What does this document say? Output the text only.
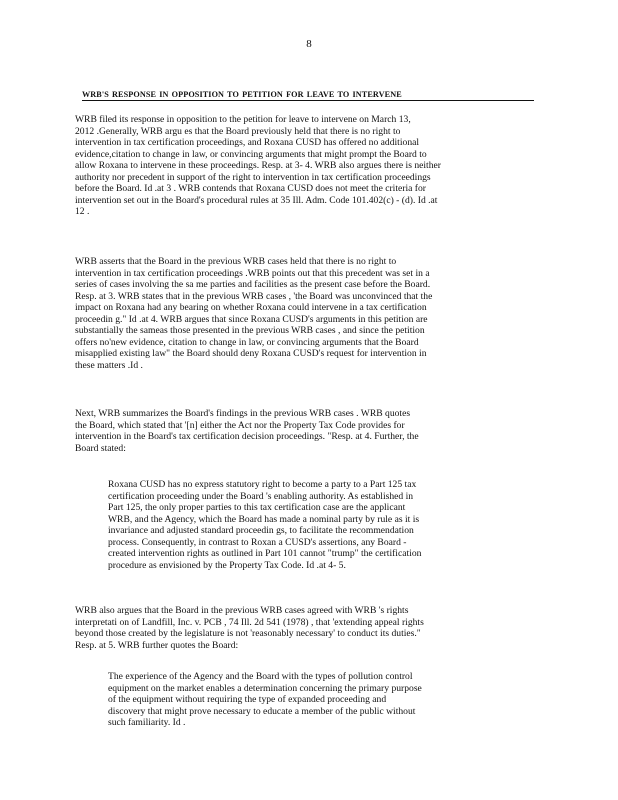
8
WRB'S RESPONSE IN OPPOSITION TO PETITION FOR LEAVE TO INTERVENE
WRB filed its response in opposition to the petition for leave to intervene on March 13,
2012 .Generally, WRB argu es that the Board previously held that there is no right to
intervention in tax certification proceedings, and Roxana CUSD has offered no additional
evidence,citation to change in law, or convincing arguments that might prompt the Board to
allow Roxana to intervene in these proceedings. Resp. at 3- 4. WRB also argues there is neither
authority nor precedent in support of the right to intervention in tax certification proceedings
before the Board. Id .at 3 . WRB contends that Roxana CUSD does not meet the criteria for
intervention set out in the Board's procedural rules at 35 Ill. Adm. Code 101.402(c) - (d). Id .at
12 .
WRB asserts that the Board in the previous WRB cases held that there is no right to
intervention in tax certification proceedings .WRB points out that this precedent was set in a
series of cases involving the sa me parties and facilities as the present case before the Board.
Resp. at 3. WRB states that in the previous WRB cases , 'the Board was unconvinced that the
impact on Roxana had any bearing on whether Roxana could intervene in a tax certification
proceedin g." Id .at 4. WRB argues that since Roxana CUSD's arguments in this petition are
substantially the sameas those presented in the previous WRB cases , and since the petition
offers no'new evidence, citation to change in law, or convincing arguments that the Board
misapplied existing law" the Board should deny Roxana CUSD's request for intervention in
these matters .Id .
Next, WRB summarizes the Board's findings in the previous WRB cases . WRB quotes
the Board, which stated that '[n] either the Act nor the Property Tax Code provides for
intervention in the Board's tax certification decision proceedings. "Resp. at 4. Further, the
Board stated:
Roxana CUSD has no express statutory right to become a party to a Part 125 tax
certification proceeding under the Board 's enabling authority. As established in
Part 125, the only proper parties to this tax certification case are the applicant
WRB, and the Agency, which the Board has made a nominal party by rule as it is
invariance and adjusted standard proceedin gs, to facilitate the recommendation
process. Consequently, in contrast to Roxan a CUSD's assertions, any Board -
created intervention rights as outlined in Part 101 cannot "trump" the certification
procedure as envisioned by the Property Tax Code. Id .at 4- 5.
WRB also argues that the Board in the previous WRB cases agreed with WRB 's rights
interpretati on of Landfill, Inc. v. PCB , 74 Ill. 2d 541 (1978) , that 'extending appeal rights
beyond those created by the legislature is not 'reasonably necessary' to conduct its duties."
Resp. at 5. WRB further quotes the Board:
The experience of the Agency and the Board with the types of pollution control
equipment on the market enables a determination concerning the primary purpose
of the equipment without requiring the type of expanded proceeding and
discovery that might prove necessary to educate a member of the public without
such familiarity. Id .
